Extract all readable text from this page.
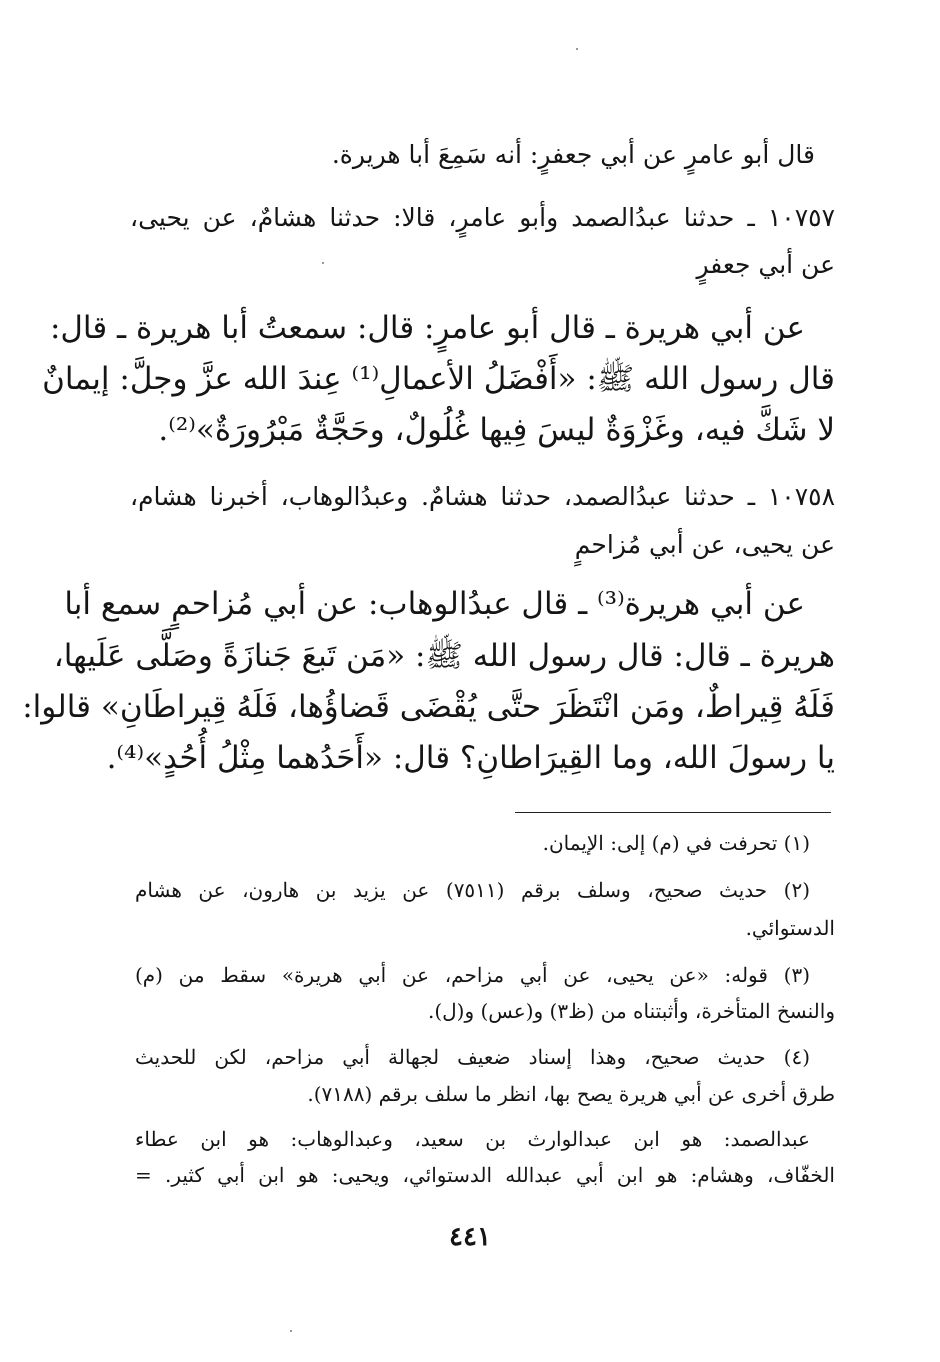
قال أبو عامرٍ عن أبي جعفرٍ: أنه سَمِعَ أبا هريرة.
١٠٧٥٧ ـ حدثنا عبدُالصمد وأبو عامرٍ، قالا: حدثنا هشامٌ، عن يحيى،
عن أبي جعفرٍ
عن أبي هريرة ـ قال أبو عامرٍ: قال: سمعتُ أبا هريرة ـ قال:
قال رسول الله ﷺ: «أَفْضَلُ الأعمالِ⁽¹⁾ عِندَ الله عزَّ وجلَّ: إيمانٌ
لا شَكَّ فيه، وغَزْوَةٌ ليسَ فِيها غُلُولٌ، وحَجَّةٌ مَبْرُورَةٌ»⁽²⁾.
١٠٧٥٨ ـ حدثنا عبدُالصمد، حدثنا هشامٌ. وعبدُالوهاب، أخبرنا هشام،
عن يحيى، عن أبي مُزاحمٍ
عن أبي هريرة⁽³⁾ ـ قال عبدُالوهاب: عن أبي مُزاحمٍ سمع أبا
هريرة ـ قال: قال رسول الله ﷺ: «مَن تَبعَ جَنازَةً وصَلَّى عَلَيها،
فَلَهُ قِيراطٌ، ومَن انْتَظَرَ حتَّى يُقْضَى قَضاؤُها، فَلَهُ قِيراطَانِ» قالوا:
يا رسولَ الله، وما القِيرَاطانِ؟ قال: «أَحَدُهما مِثْلُ أُحُدٍ»⁽⁴⁾.
(١) تحرفت في (م) إلى: الإيمان.
(٢) حديث صحيح، وسلف برقم (٧٥١١) عن يزيد بن هارون، عن هشام
الدستوائي.
(٣) قوله: «عن يحيى، عن أبي مزاحم، عن أبي هريرة» سقط من (م)
والنسخ المتأخرة، وأثبتناه من (ظ٣) و(عس) و(ل).
(٤) حديث صحيح، وهذا إسناد ضعيف لجهالة أبي مزاحم، لكن للحديث
طرق أخرى عن أبي هريرة يصح بها، انظر ما سلف برقم (٧١٨٨).
عبدالصمد: هو ابن عبدالوارث بن سعيد، وعبدالوهاب: هو ابن عطاء
الخفّاف، وهشام: هو ابن أبي عبدالله الدستوائي، ويحيى: هو ابن أبي كثير. =
٤٤١
